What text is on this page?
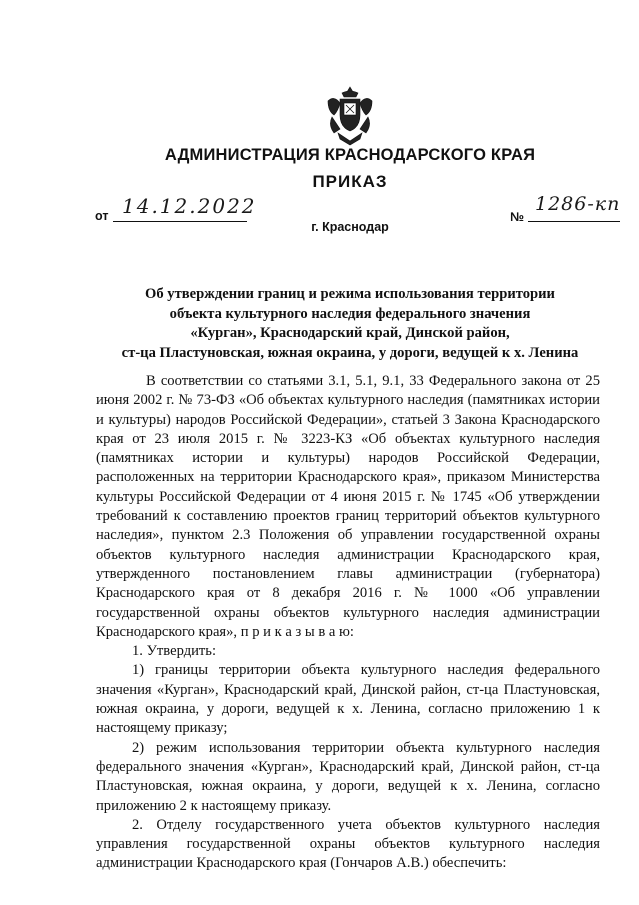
АДМИНИСТРАЦИЯ КРАСНОДАРСКОГО КРАЯ
ПРИКАЗ
от 14.12.2022
г. Краснодар
№
1286-кп
Об утверждении границ и режима использования территории
объекта культурного наследия федерального значения
«Курган», Краснодарский край, Динской район,
ст-ца Пластуновская, южная окраина, у дороги, ведущей к х. Ленина

В соответствии со статьями 3.1, 5.1, 9.1, 33 Федерального закона от 25 июня 2002 г. № 73-ФЗ «Об объектах культурного наследия (памятниках истории и культуры) народов Российской Федерации», статьей 3 Закона Краснодарского края от 23 июля 2015 г. № 3223-КЗ «Об объектах культурного наследия (памятниках истории и культуры) народов Российской Федерации, расположенных на территории Краснодарского края», приказом Министерства культуры Российской Федерации от 4 июня 2015 г. № 1745 «Об утверждении требований к составлению проектов границ территорий объектов культурного наследия», пунктом 2.3 Положения об управлении государственной охраны объектов культурного наследия администрации Краснодарского края, утвержденного постановлением главы администрации (губернатора) Краснодарского края от 8 декабря 2016 г. № 1000 «Об управлении государственной охраны объектов культурного наследия администрации Краснодарского края», п р и к а з ы в а ю:

1. Утвердить:

1) границы территории объекта культурного наследия федерального значения «Курган», Краснодарский край, Динской район, ст-ца Пластуновская, южная окраина, у дороги, ведущей к х. Ленина, согласно приложению 1 к настоящему приказу;

2) режим использования территории объекта культурного наследия федерального значения «Курган», Краснодарский край, Динской район, ст-ца Пластуновская, южная окраина, у дороги, ведущей к х. Ленина, согласно приложению 2 к настоящему приказу.

2. Отделу государственного учета объектов культурного наследия управления государственной охраны объектов культурного наследия администрации Краснодарского края (Гончаров А.В.) обеспечить:
